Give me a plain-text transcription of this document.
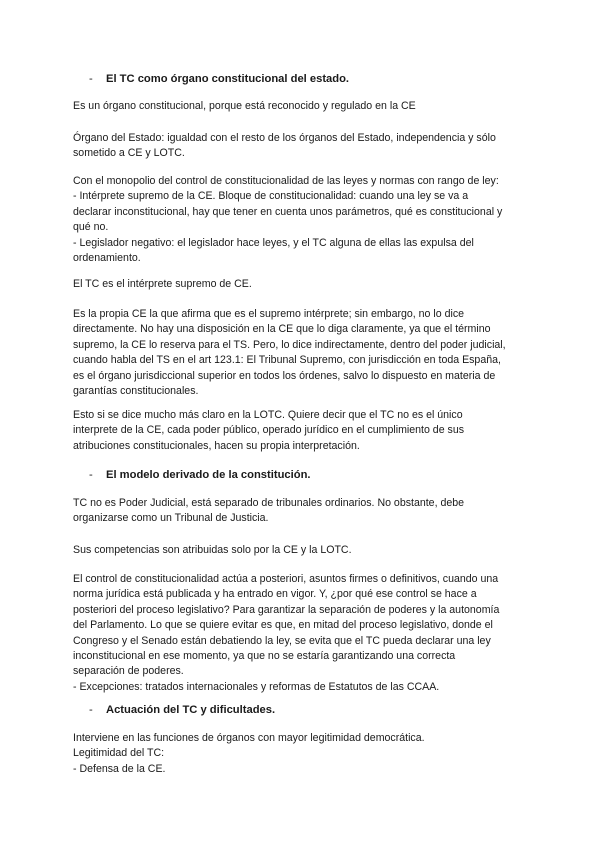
- El TC como órgano constitucional del estado.

Es un órgano constitucional, porque está reconocido y regulado en la CE

Órgano del Estado: igualdad con el resto de los órganos del Estado, independencia y sólo
sometido a CE y LOTC.

Con el monopolio del control de constitucionalidad de las leyes y normas con rango de ley:
- Intérprete supremo de la CE. Bloque de constitucionalidad: cuando una ley se va a
declarar inconstitucional, hay que tener en cuenta unos parámetros, qué es constitucional y
qué no.
- Legislador negativo: el legislador hace leyes, y el TC alguna de ellas las expulsa del
ordenamiento.

El TC es el intérprete supremo de CE.

Es la propia CE la que afirma que es el supremo intérprete; sin embargo, no lo dice
directamente. No hay una disposición en la CE que lo diga claramente, ya que el término
supremo, la CE lo reserva para el TS. Pero, lo dice indirectamente, dentro del poder judicial,
cuando habla del TS en el art 123.1: El Tribunal Supremo, con jurisdicción en toda España,
es el órgano jurisdiccional superior en todos los órdenes, salvo lo dispuesto en materia de
garantías constitucionales.

Esto si se dice mucho más claro en la LOTC. Quiere decir que el TC no es el único
interprete de la CE, cada poder público, operado jurídico en el cumplimiento de sus
atribuciones constitucionales, hacen su propia interpretación.

- El modelo derivado de la constitución.

TC no es Poder Judicial, está separado de tribunales ordinarios. No obstante, debe
organizarse como un Tribunal de Justicia.

Sus competencias son atribuidas solo por la CE y la LOTC.

El control de constitucionalidad actúa a posteriori, asuntos firmes o definitivos, cuando una
norma jurídica está publicada y ha entrado en vigor. Y, ¿por qué ese control se hace a
posteriori del proceso legislativo? Para garantizar la separación de poderes y la autonomía
del Parlamento. Lo que se quiere evitar es que, en mitad del proceso legislativo, donde el
Congreso y el Senado están debatiendo la ley, se evita que el TC pueda declarar una ley
inconstitucional en ese momento, ya que no se estaría garantizando una correcta
separación de poderes.
- Excepciones: tratados internacionales y reformas de Estatutos de las CCAA.

- Actuación del TC y dificultades.

Interviene en las funciones de órganos con mayor legitimidad democrática.
Legitimidad del TC:
- Defensa de la CE.
